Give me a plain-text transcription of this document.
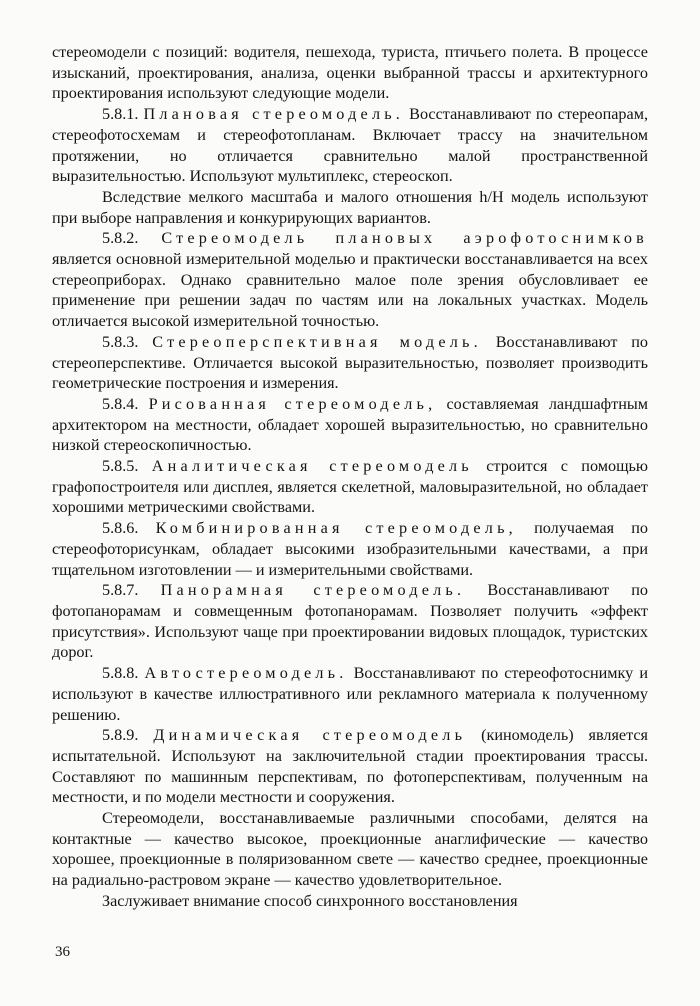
стереомодели с позиций: водителя, пешехода, туриста, птичьего полета. В процессе изысканий, проектирования, анализа, оценки выбранной трассы и архитектурного проектирования используют следующие модели.

5.8.1. Плановая стереомодель. Восстанавливают по стереопарам, стереофотосхемам и стереофотопланам. Включает трассу на значительном протяжении, но отличается сравнительно малой пространственной выразительностью. Используют мультиплекс, стереоскоп.

Вследствие мелкого масштаба и малого отношения h/H модель используют при выборе направления и конкурирующих вариантов.

5.8.2. Стереомодель плановых аэрофотоснимков является основной измерительной моделью и практически восстанавливается на всех стереоприборах. Однако сравнительно малое поле зрения обусловливает ее применение при решении задач по частям или на локальных участках. Модель отличается высокой измерительной точностью.

5.8.3. Стереоперспективная модель. Восстанавливают по стереоперспективе. Отличается высокой выразительностью, позволяет производить геометрические построения и измерения.

5.8.4. Рисованная стереомодель, составляемая ландшафтным архитектором на местности, обладает хорошей выразительностью, но сравнительно низкой стереоскопичностью.

5.8.5. Аналитическая стереомодель строится с помощью графопостроителя или дисплея, является скелетной, маловыразительной, но обладает хорошими метрическими свойствами.

5.8.6. Комбинированная стереомодель, получаемая по стереофоторисункам, обладает высокими изобразительными качествами, а при тщательном изготовлении — и измерительными свойствами.

5.8.7. Панорамная стереомодель. Восстанавливают по фотопанорамам и совмещенным фотопанорамам. Позволяет получить «эффект присутствия». Используют чаще при проектировании видовых площадок, туристских дорог.

5.8.8. Автостереомодель. Восстанавливают по стереофотоснимку и используют в качестве иллюстративного или рекламного материала к полученному решению.

5.8.9. Динамическая стереомодель (киномодель) является испытательной. Используют на заключительной стадии проектирования трассы. Составляют по машинным перспективам, по фотоперспективам, полученным на местности, и по модели местности и сооружения.

Стереомодели, восстанавливаемые различными способами, делятся на контактные — качество высокое, проекционные анаглифические — качество хорошее, проекционные в поляризованном свете — качество среднее, проекционные на радиально-растровом экране — качество удовлетворительное.

Заслуживает внимание способ синхронного восстановления

36
